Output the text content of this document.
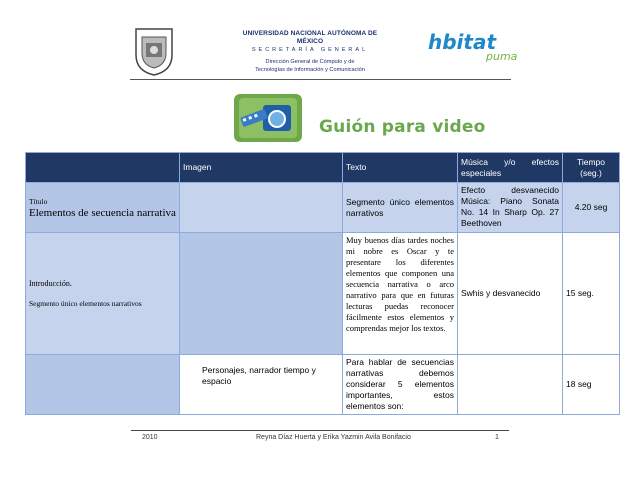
UNIVERSIDAD NACIONAL AUTÓNOMA DE MÉXICO
SECRETARÍA GENERAL
Dirección General de Cómputo y de
Tecnologías de Información y Comunicación
hbitat
puma
Guión para video
	Imagen	Texto	Música y/o efectos especiales	Tiempo (seg.)

Título
Elementos de secuencia narrativa		Segmento único elementos narrativos	Efecto desvanecido Música: Piano Sonata No. 14 In Sharp Op. 27 Beethoven	4.20 seg

Introducción.
Segmento único elementos narrativos		Muy buenos días tardes noches mi nobre es Oscar y te presentare los diferentes elementos que componen una secuencia narrativa o arco narrativo para que en futuras lecturas puedas reconocer fácilmente estos elementos y comprendas mejor los textos.	Swhis y desvanecido	15 seg.

	Personajes, narrador tiempo y espacio	Para hablar de secuencias narrativas debemos considerar 5 elementos importantes, estos elementos son:		18 seg
2010	Reyna Díaz Huerta y Erika Yazmin Avila Bonifacio	1
